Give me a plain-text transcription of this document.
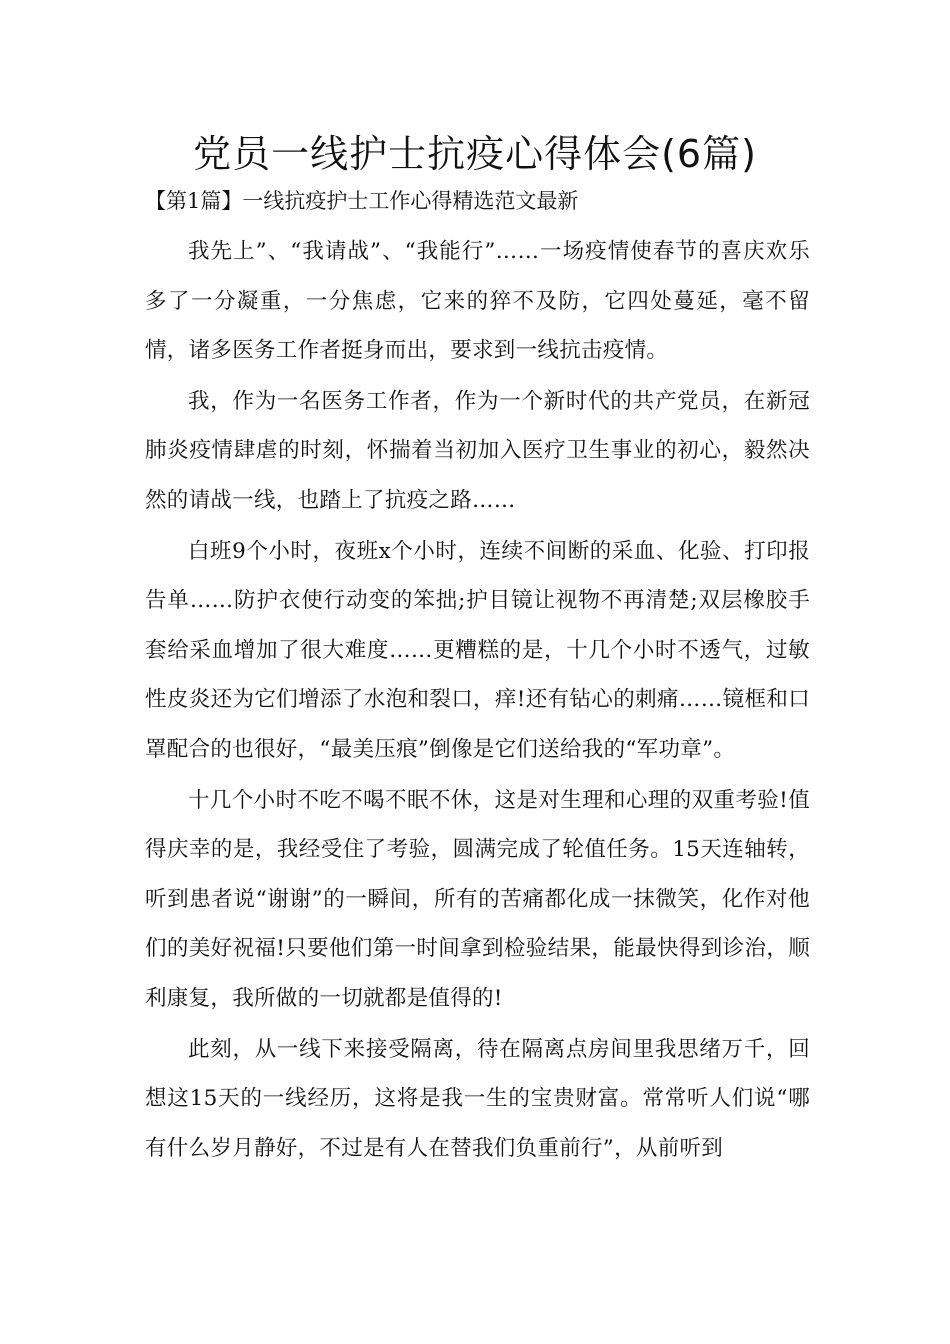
党员一线护士抗疫心得体会(6篇)
【第1篇】一线抗疫护士工作心得精选范文最新

我先上”、“我请战”、“我能行”……一场疫情使春节的喜庆欢乐多了一分凝重，一分焦虑，它来的猝不及防，它四处蔓延，毫不留情，诸多医务工作者挺身而出，要求到一线抗击疫情。

我，作为一名医务工作者，作为一个新时代的共产党员，在新冠肺炎疫情肆虐的时刻，怀揣着当初加入医疗卫生事业的初心，毅然决然的请战一线，也踏上了抗疫之路……

白班9个小时，夜班x个小时，连续不间断的采血、化验、打印报告单……防护衣使行动变的笨拙;护目镜让视物不再清楚;双层橡胶手套给采血增加了很大难度……更糟糕的是，十几个小时不透气，过敏性皮炎还为它们增添了水泡和裂口，痒!还有钻心的刺痛……镜框和口罩配合的也很好，“最美压痕”倒像是它们送给我的“军功章”。

十几个小时不吃不喝不眠不休，这是对生理和心理的双重考验!值得庆幸的是，我经受住了考验，圆满完成了轮值任务。15天连轴转，听到患者说“谢谢”的一瞬间，所有的苦痛都化成一抹微笑，化作对他们的美好祝福!只要他们第一时间拿到检验结果，能最快得到诊治，顺利康复，我所做的一切就都是值得的!

此刻，从一线下来接受隔离，待在隔离点房间里我思绪万千，回想这15天的一线经历，这将是我一生的宝贵财富。常常听人们说“哪有什么岁月静好，不过是有人在替我们负重前行”，从前听到
